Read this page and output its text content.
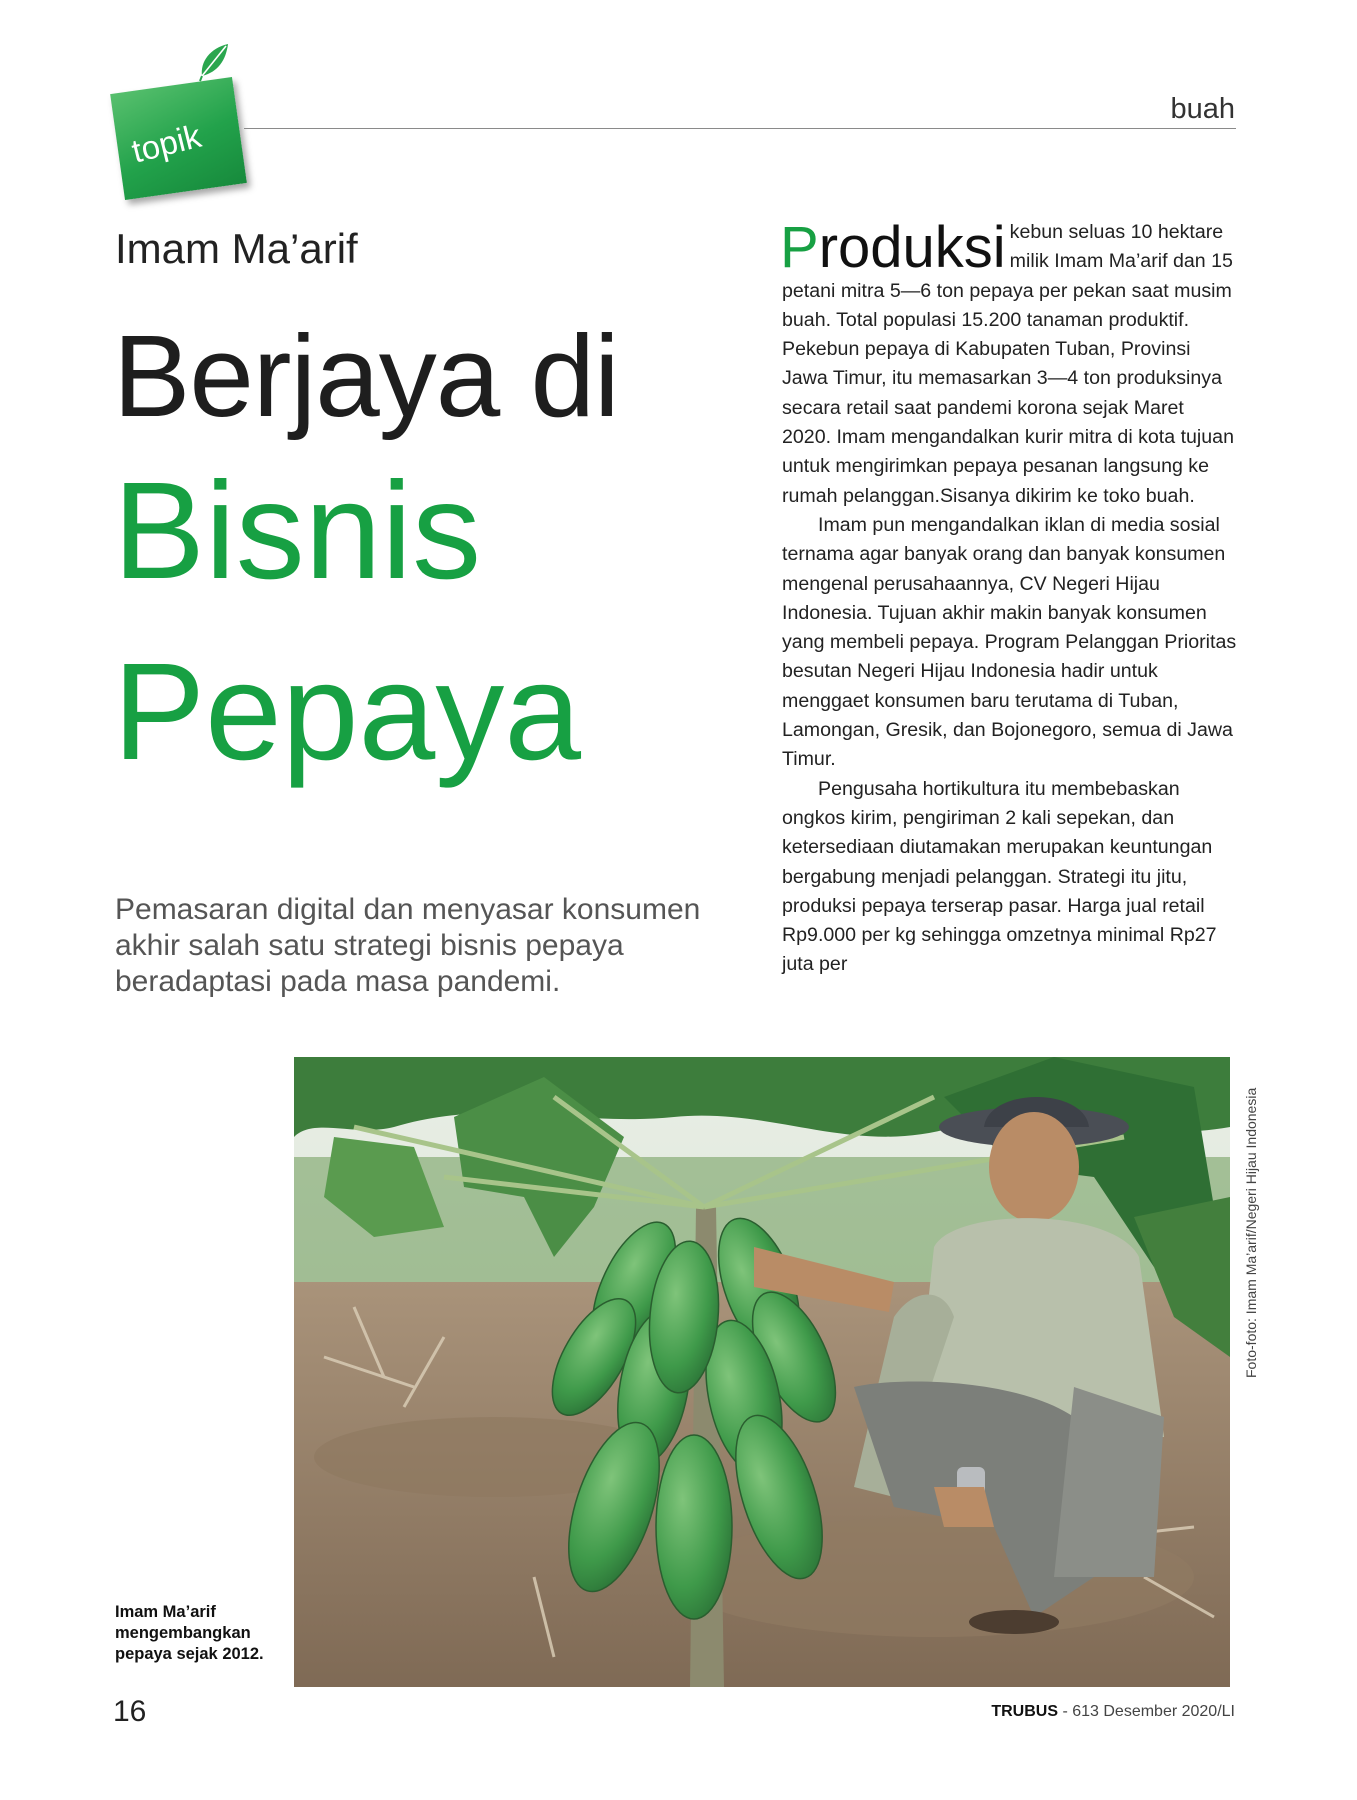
topik
buah
Imam Ma’arif
Berjaya di
Bisnis
Pepaya
Pemasaran digital dan menyasar konsumen akhir salah satu strategi bisnis pepaya beradaptasi pada masa pandemi.

Produksi kebun seluas 10 hektare milik Imam Ma’arif dan 15 petani mitra 5—6 ton pepaya per pekan saat musim buah. Total populasi 15.200 tanaman produktif. Pekebun pepaya di Kabupaten Tuban, Provinsi Jawa Timur, itu memasarkan 3—4 ton produksinya secara retail saat pandemi korona sejak Maret 2020. Imam mengandalkan kurir mitra di kota tujuan untuk mengirimkan pepaya pesanan langsung ke rumah pelanggan.Sisanya dikirim ke toko buah.

Imam pun mengandalkan iklan di media sosial ternama agar banyak orang dan banyak konsumen mengenal perusahaannya, CV Negeri Hijau Indonesia. Tujuan akhir makin banyak konsumen yang membeli pepaya. Program Pelanggan Prioritas besutan Negeri Hijau Indonesia hadir untuk menggaet konsumen baru terutama di Tuban, Lamongan, Gresik, dan Bojonegoro, semua di Jawa Timur.

Pengusaha hortikultura itu membebaskan ongkos kirim, pengiriman 2 kali sepekan, dan ketersediaan diutamakan merupakan keuntungan bergabung menjadi pelanggan. Strategi itu jitu, produksi pepaya terserap pasar. Harga jual retail Rp9.000 per kg sehingga omzetnya minimal Rp27 juta per

Foto-foto: Imam Ma’arif/Negeri Hijau Indonesia
Imam Ma’arif mengembangkan pepaya sejak 2012.
16	TRUBUS - 613 Desember 2020/LI
